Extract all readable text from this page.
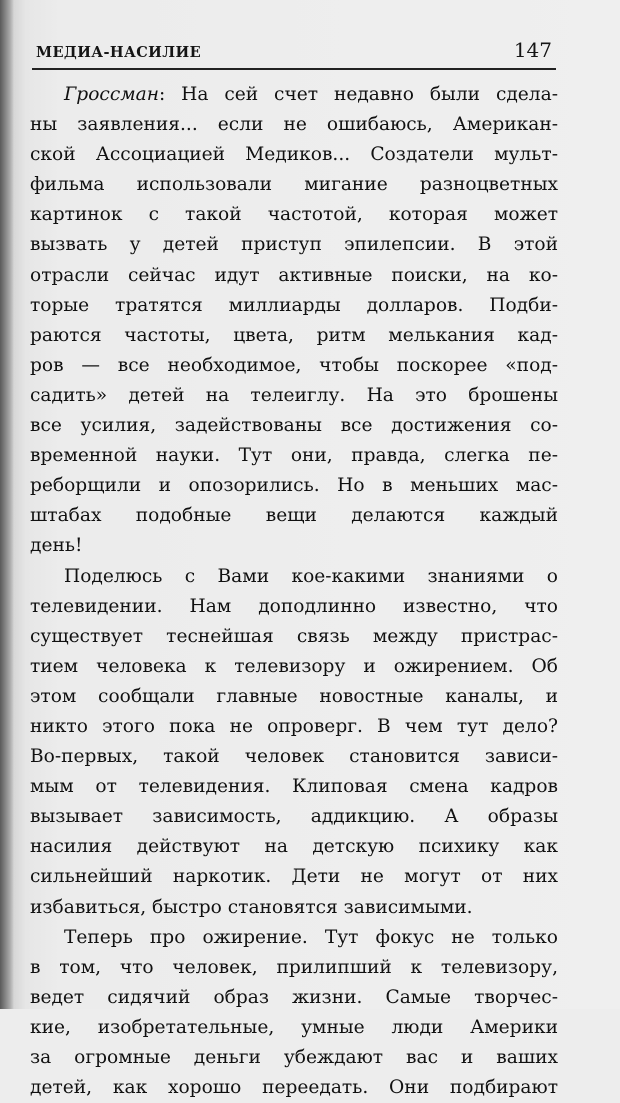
МЕДИА-НАСИЛИЕ	147
Гроссман: На сей счет недавно были сдела-
ны заявления... если не ошибаюсь, Американ-
ской Ассоциацией Медиков... Создатели мульт-
фильма использовали мигание разноцветных
картинок с такой частотой, которая может
вызвать у детей приступ эпилепсии. В этой
отрасли сейчас идут активные поиски, на ко-
торые тратятся миллиарды долларов. Подби-
раются частоты, цвета, ритм мелькания кад-
ров — все необходимое, чтобы поскорее «под-
садить» детей на телеиглу. На это брошены
все усилия, задействованы все достижения со-
временной науки. Тут они, правда, слегка пе-
реборщили и опозорились. Но в меньших мас-
штабах подобные вещи делаются каждый
день!
Поделюсь с Вами кое-какими знаниями о
телевидении. Нам доподлинно известно, что
существует теснейшая связь между пристрас-
тием человека к телевизору и ожирением. Об
этом сообщали главные новостные каналы, и
никто этого пока не опроверг. В чем тут дело?
Во-первых, такой человек становится зависи-
мым от телевидения. Клиповая смена кадров
вызывает зависимость, аддикцию. А образы
насилия действуют на детскую психику как
сильнейший наркотик. Дети не могут от них
избавиться, быстро становятся зависимыми.
Теперь про ожирение. Тут фокус не только
в том, что человек, прилипший к телевизору,
ведет сидячий образ жизни. Самые творчес-
кие, изобретательные, умные люди Америки
за огромные деньги убеждают вас и ваших
детей, как хорошо переедать. Они подбирают
